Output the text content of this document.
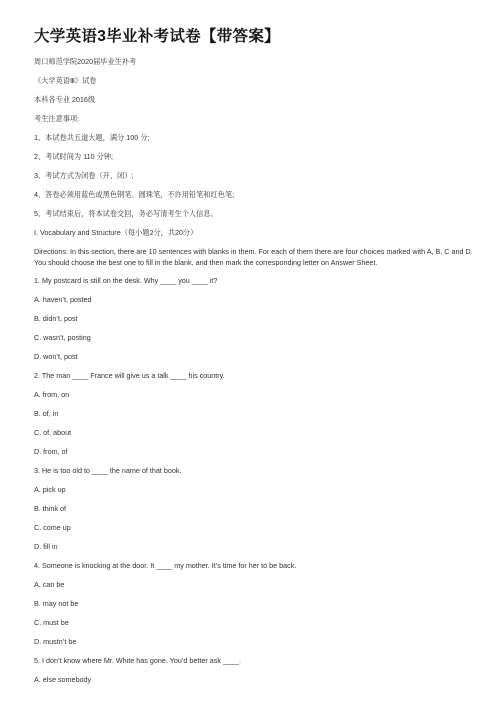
大学英语3毕业补考试卷【带答案】
周口师范学院2020届毕业生补考
《大学英语Ⅲ》试卷
本科各专业 2016级
考生注意事项:
1、本试卷共五道大题，满分 100 分;
2、考试时间为 110 分钟;
3、考试方式为闭卷（开、闭）;
4、答卷必须用蓝色或黑色钢笔、圆珠笔，不许用铅笔和红色笔;
5、考试结束后，将本试卷交回，务必写清考生个人信息。
I. Vocabulary and Structure（每小题2分，共20分）
Directions: In this section, there are 10 sentences with blanks in them. For each of them there are four choices marked with A, B, C and D. You should choose the best one to fill in the blank, and then mark the corresponding letter on Answer Sheet.
1. My postcard is still on the desk. Why ____ you ____ it?
A. haven’t, posted
B. didn’t, post
C. wasn’t, posting
D. won’t, post
2. The man ____ France will give us a talk ____ his country.
A. from, on
B. of, in
C. of, about
D. from, of
3. He is too old to ____ the name of that book.
A. pick up
B. think of
C. come up
D. fill in
4. Someone is knocking at the door. It ____ my mother. It’s time for her to be back.
A. can be
B. may not be
C. must be
D. mustn’t be
5. I don’t know where Mr. White has gone. You’d better ask ____.
A. else somebody
